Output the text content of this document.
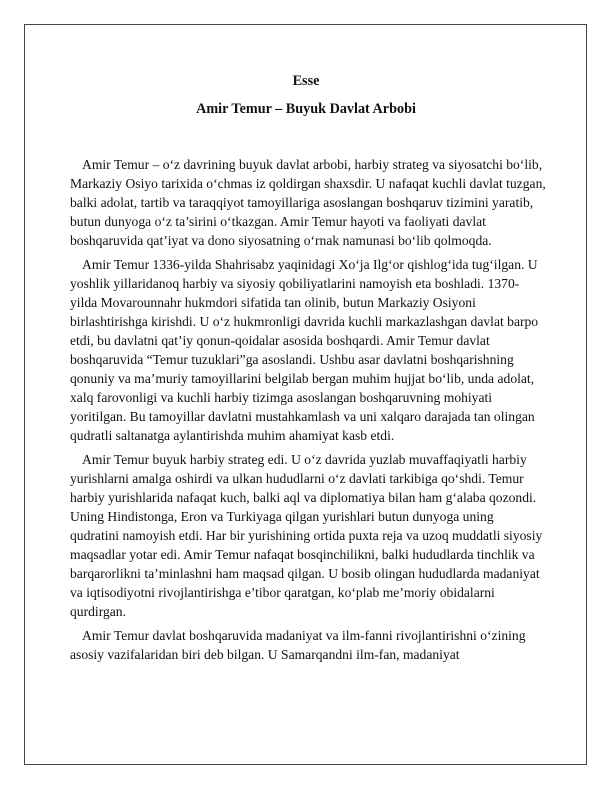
Esse
Amir Temur – Buyuk Davlat Arbobi

Amir Temur – o‘z davrining buyuk davlat arbobi, harbiy strateg va siyosatchi bo‘lib, Markaziy Osiyo tarixida o‘chmas iz qoldirgan shaxsdir. U nafaqat kuchli davlat tuzgan, balki adolat, tartib va taraqqiyot tamoyillariga asoslangan boshqaruv tizimini yaratib, butun dunyoga o‘z ta’sirini o‘tkazgan. Amir Temur hayoti va faoliyati davlat boshqaruvida qat’iyat va dono siyosatning o‘rnak namunasi bo‘lib qolmoqda.

Amir Temur 1336-yilda Shahrisabz yaqinidagi Xo‘ja Ilg‘or qishlog‘ida tug‘ilgan. U yoshlik yillaridanoq harbiy va siyosiy qobiliyatlarini namoyish eta boshladi. 1370-yilda Movarounnahr hukmdori sifatida tan olinib, butun Markaziy Osiyoni birlashtirishga kirishdi. U o‘z hukmronligi davrida kuchli markazlashgan davlat barpo etdi, bu davlatni qat’iy qonun-qoidalar asosida boshqardi. Amir Temur davlat boshqaruvida “Temur tuzuklari”ga asoslandi. Ushbu asar davlatni boshqarishning qonuniy va ma’muriy tamoyillarini belgilab bergan muhim hujjat bo‘lib, unda adolat, xalq farovonligi va kuchli harbiy tizimga asoslangan boshqaruvning mohiyati yoritilgan. Bu tamoyillar davlatni mustahkamlash va uni xalqaro darajada tan olingan qudratli saltanatga aylantirishda muhim ahamiyat kasb etdi.

Amir Temur buyuk harbiy strateg edi. U o‘z davrida yuzlab muvaffaqiyatli harbiy yurishlarni amalga oshirdi va ulkan hududlarni o‘z davlati tarkibiga qo‘shdi. Temur harbiy yurishlarida nafaqat kuch, balki aql va diplomatiya bilan ham g‘alaba qozondi. Uning Hindistonga, Eron va Turkiyaga qilgan yurishlari butun dunyoga uning qudratini namoyish etdi. Har bir yurishining ortida puxta reja va uzoq muddatli siyosiy maqsadlar yotar edi. Amir Temur nafaqat bosqinchilikni, balki hududlarda tinchlik va barqarorlikni ta’minlashni ham maqsad qilgan. U bosib olingan hududlarda madaniyat va iqtisodiyotni rivojlantirishga e’tibor qaratgan, ko‘plab me’moriy obidalarni qurdirgan.

Amir Temur davlat boshqaruvida madaniyat va ilm-fanni rivojlantirishni o‘zining asosiy vazifalaridan biri deb bilgan. U Samarqandni ilm-fan, madaniyat
